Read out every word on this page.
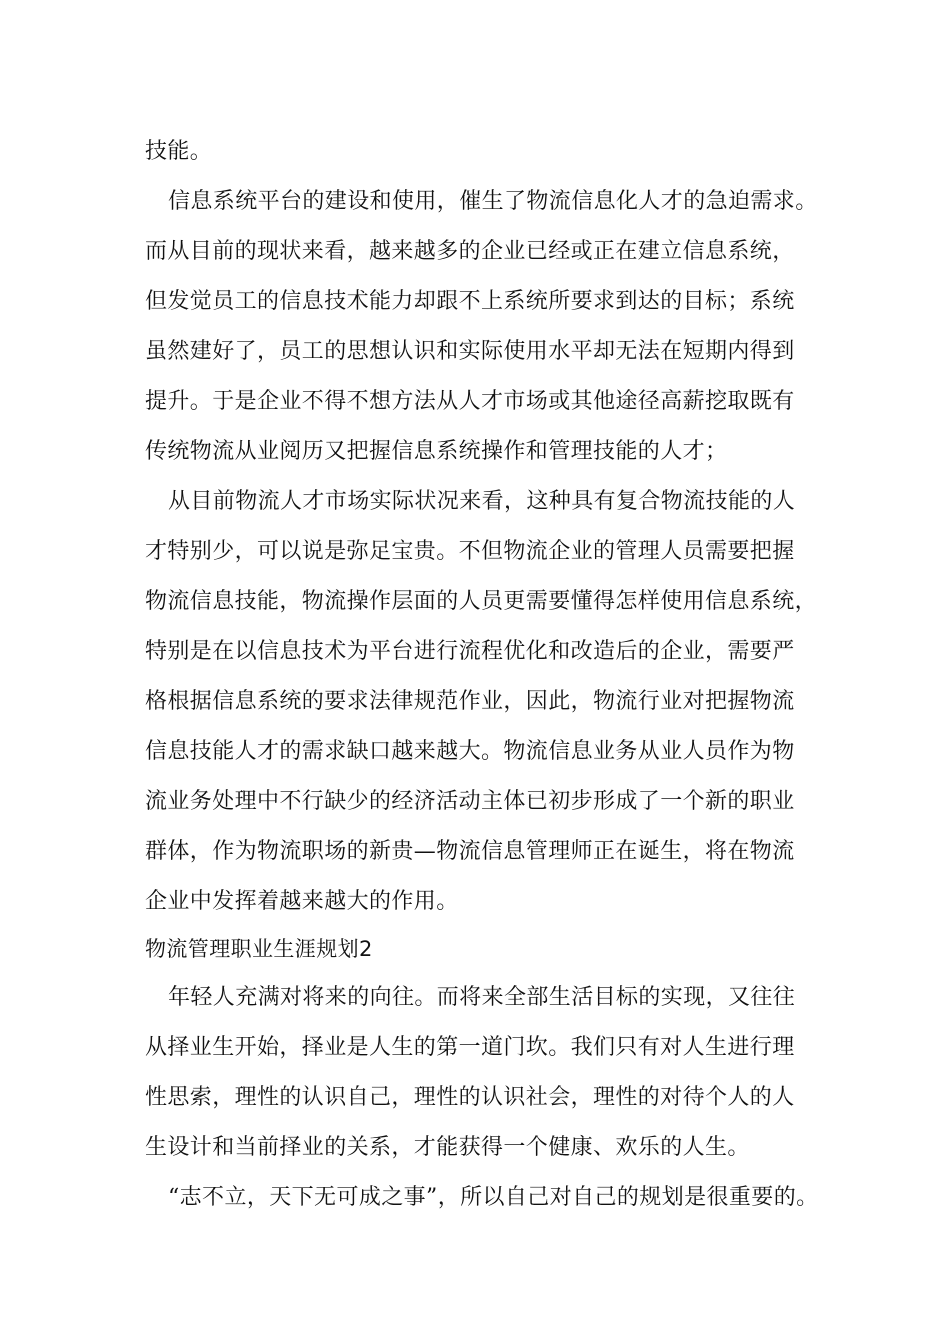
技能。
信息系统平台的建设和使用，催生了物流信息化人才的急迫需求。
而从目前的现状来看，越来越多的企业已经或正在建立信息系统，
但发觉员工的信息技术能力却跟不上系统所要求到达的目标；系统
虽然建好了，员工的思想认识和实际使用水平却无法在短期内得到
提升。于是企业不得不想方法从人才市场或其他途径高薪挖取既有
传统物流从业阅历又把握信息系统操作和管理技能的人才；
从目前物流人才市场实际状况来看，这种具有复合物流技能的人
才特别少，可以说是弥足宝贵。不但物流企业的管理人员需要把握
物流信息技能，物流操作层面的人员更需要懂得怎样使用信息系统，
特别是在以信息技术为平台进行流程优化和改造后的企业，需要严
格根据信息系统的要求法律规范作业，因此，物流行业对把握物流
信息技能人才的需求缺口越来越大。物流信息业务从业人员作为物
流业务处理中不行缺少的经济活动主体已初步形成了一个新的职业
群体，作为物流职场的新贵—物流信息管理师正在诞生，将在物流
企业中发挥着越来越大的作用。
物流管理职业生涯规划2
年轻人充满对将来的向往。而将来全部生活目标的实现，又往往
从择业生开始，择业是人生的第一道门坎。我们只有对人生进行理
性思索，理性的认识自己，理性的认识社会，理性的对待个人的人
生设计和当前择业的关系，才能获得一个健康、欢乐的人生。
“志不立，天下无可成之事”，所以自己对自己的规划是很重要的。
